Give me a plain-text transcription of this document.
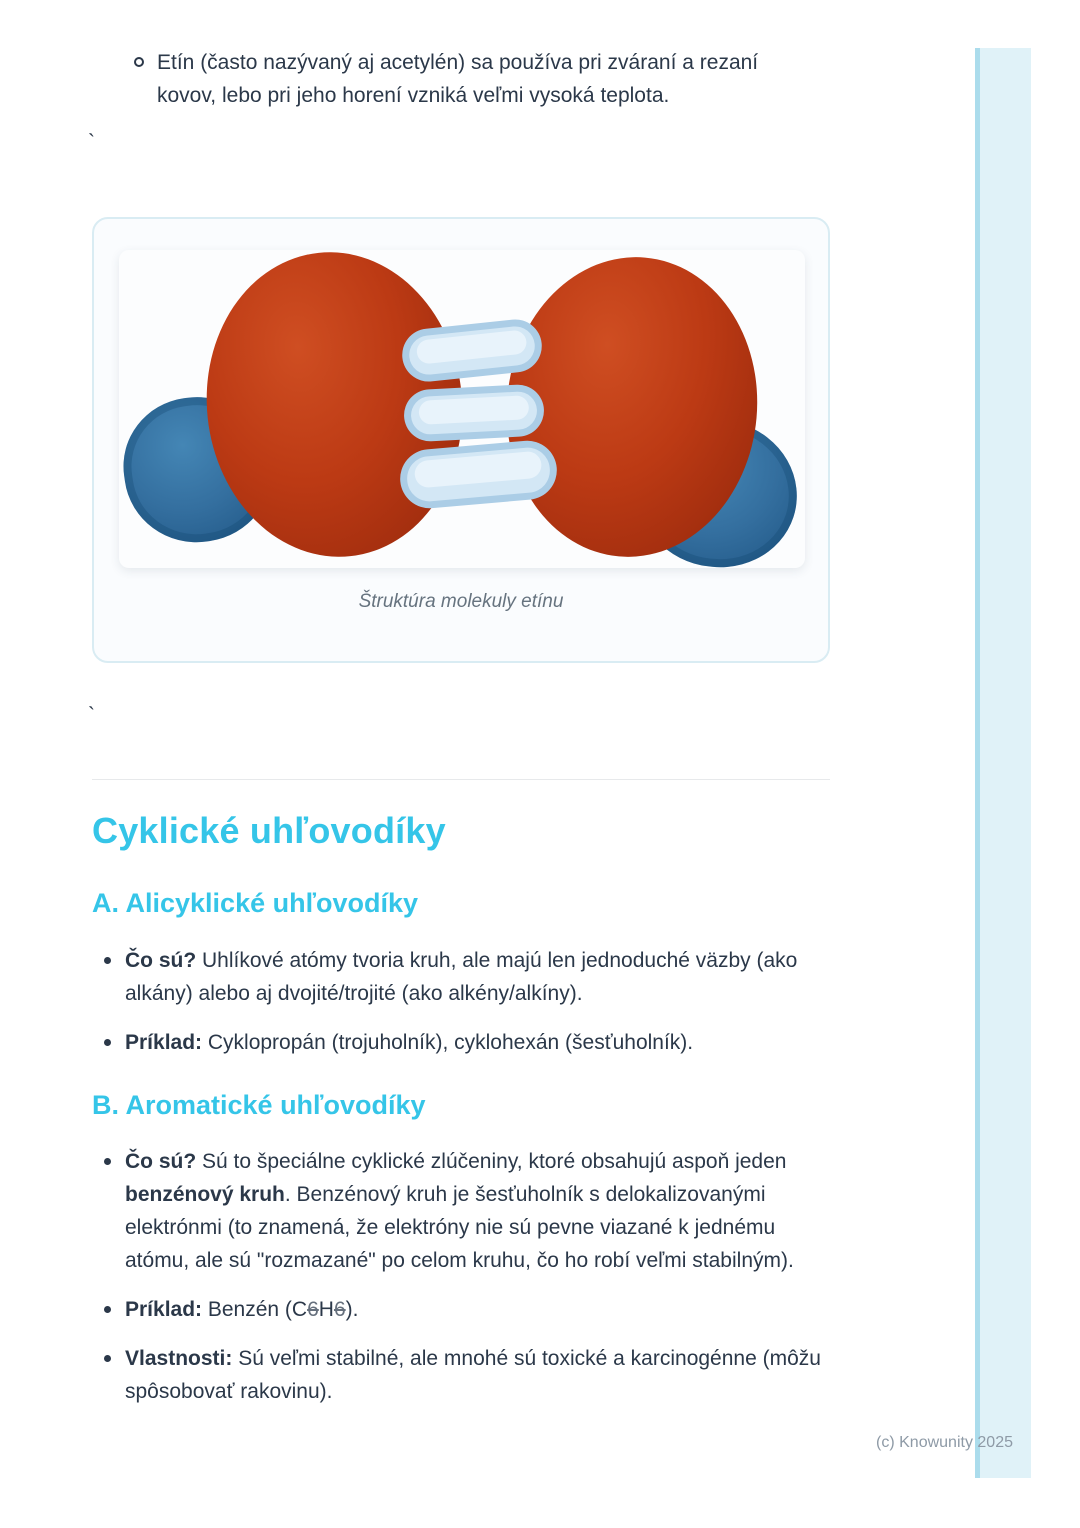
Etín (často nazývaný aj acetylén) sa používa pri zváraní a rezaní kovov, lebo pri jeho horení vzniká veľmi vysoká teplota.
`
Štruktúra molekuly etínu
`
Cyklické uhľovodíky
A. Alicyklické uhľovodíky
Čo sú? Uhlíkové atómy tvoria kruh, ale majú len jednoduché väzby (ako alkány) alebo aj dvojité/trojité (ako alkény/alkíny).
Príklad: Cyklopropán (trojuholník), cyklohexán (šesťuholník).
B. Aromatické uhľovodíky
Čo sú? Sú to špeciálne cyklické zlúčeniny, ktoré obsahujú aspoň jeden benzénový kruh. Benzénový kruh je šesťuholník s delokalizovanými elektrónmi (to znamená, že elektróny nie sú pevne viazané k jednému atómu, ale sú "rozmazané" po celom kruhu, čo ho robí veľmi stabilným).
Príklad: Benzén (C6H6).
Vlastnosti: Sú veľmi stabilné, ale mnohé sú toxické a karcinogénne (môžu spôsobovať rakovinu).
(c) Knowunity 2025
